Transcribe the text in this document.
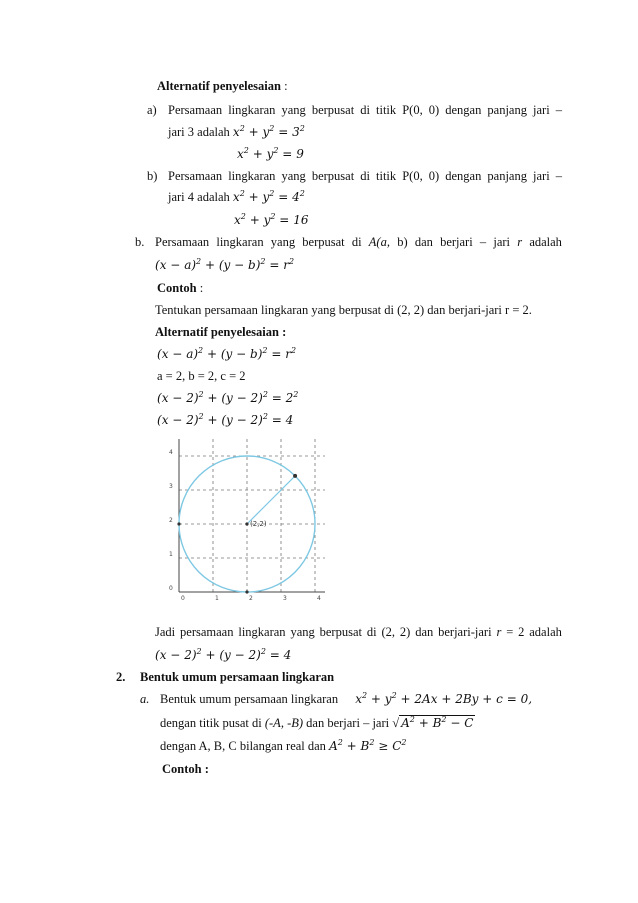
Alternatif penyelesaian :
a) Persamaan lingkaran yang berpusat di titik P(0, 0) dengan panjang jari –
jari 3 adalah $x^2 + y^2 = 3^2$
$x^2 + y^2 = 9$
b) Persamaan lingkaran yang berpusat di titik P(0, 0) dengan panjang jari –
jari 4 adalah $x^2 + y^2 = 4^2$
$x^2 + y^2 = 16$
b. Persamaan lingkaran yang berpusat di A(a, b) dan berjari – jari r adalah
$(x - a)^2 + (y - b)^2 = r^2$
Contoh :
Tentukan persamaan lingkaran yang berpusat di (2, 2) dan berjari-jari r = 2.
Alternatif penyelesaian :
$(x - a)^2 + (y - b)^2 = r^2$
a = 2, b = 2, c = 2
$(x - 2)^2 + (y - 2)^2 = 2^2$
$(x - 2)^2 + (y - 2)^2 = 4$
0	1	2	3	4
0
1
2
3
4
(2,2)
Jadi persamaan lingkaran yang berpusat di (2, 2) dan berjari-jari r = 2 adalah
$(x - 2)^2 + (y - 2)^2 = 4$
2. Bentuk umum persamaan lingkaran
a. Bentuk umum persamaan lingkaran $x^2 + y^2 + 2Ax + 2By + c = 0$,
dengan titik pusat di (-A, -B) dan berjari – jari √ $A^2 + B^2 - C$
dengan A, B, C bilangan real dan $A^2 + B^2 \ge C^2$
Contoh :
